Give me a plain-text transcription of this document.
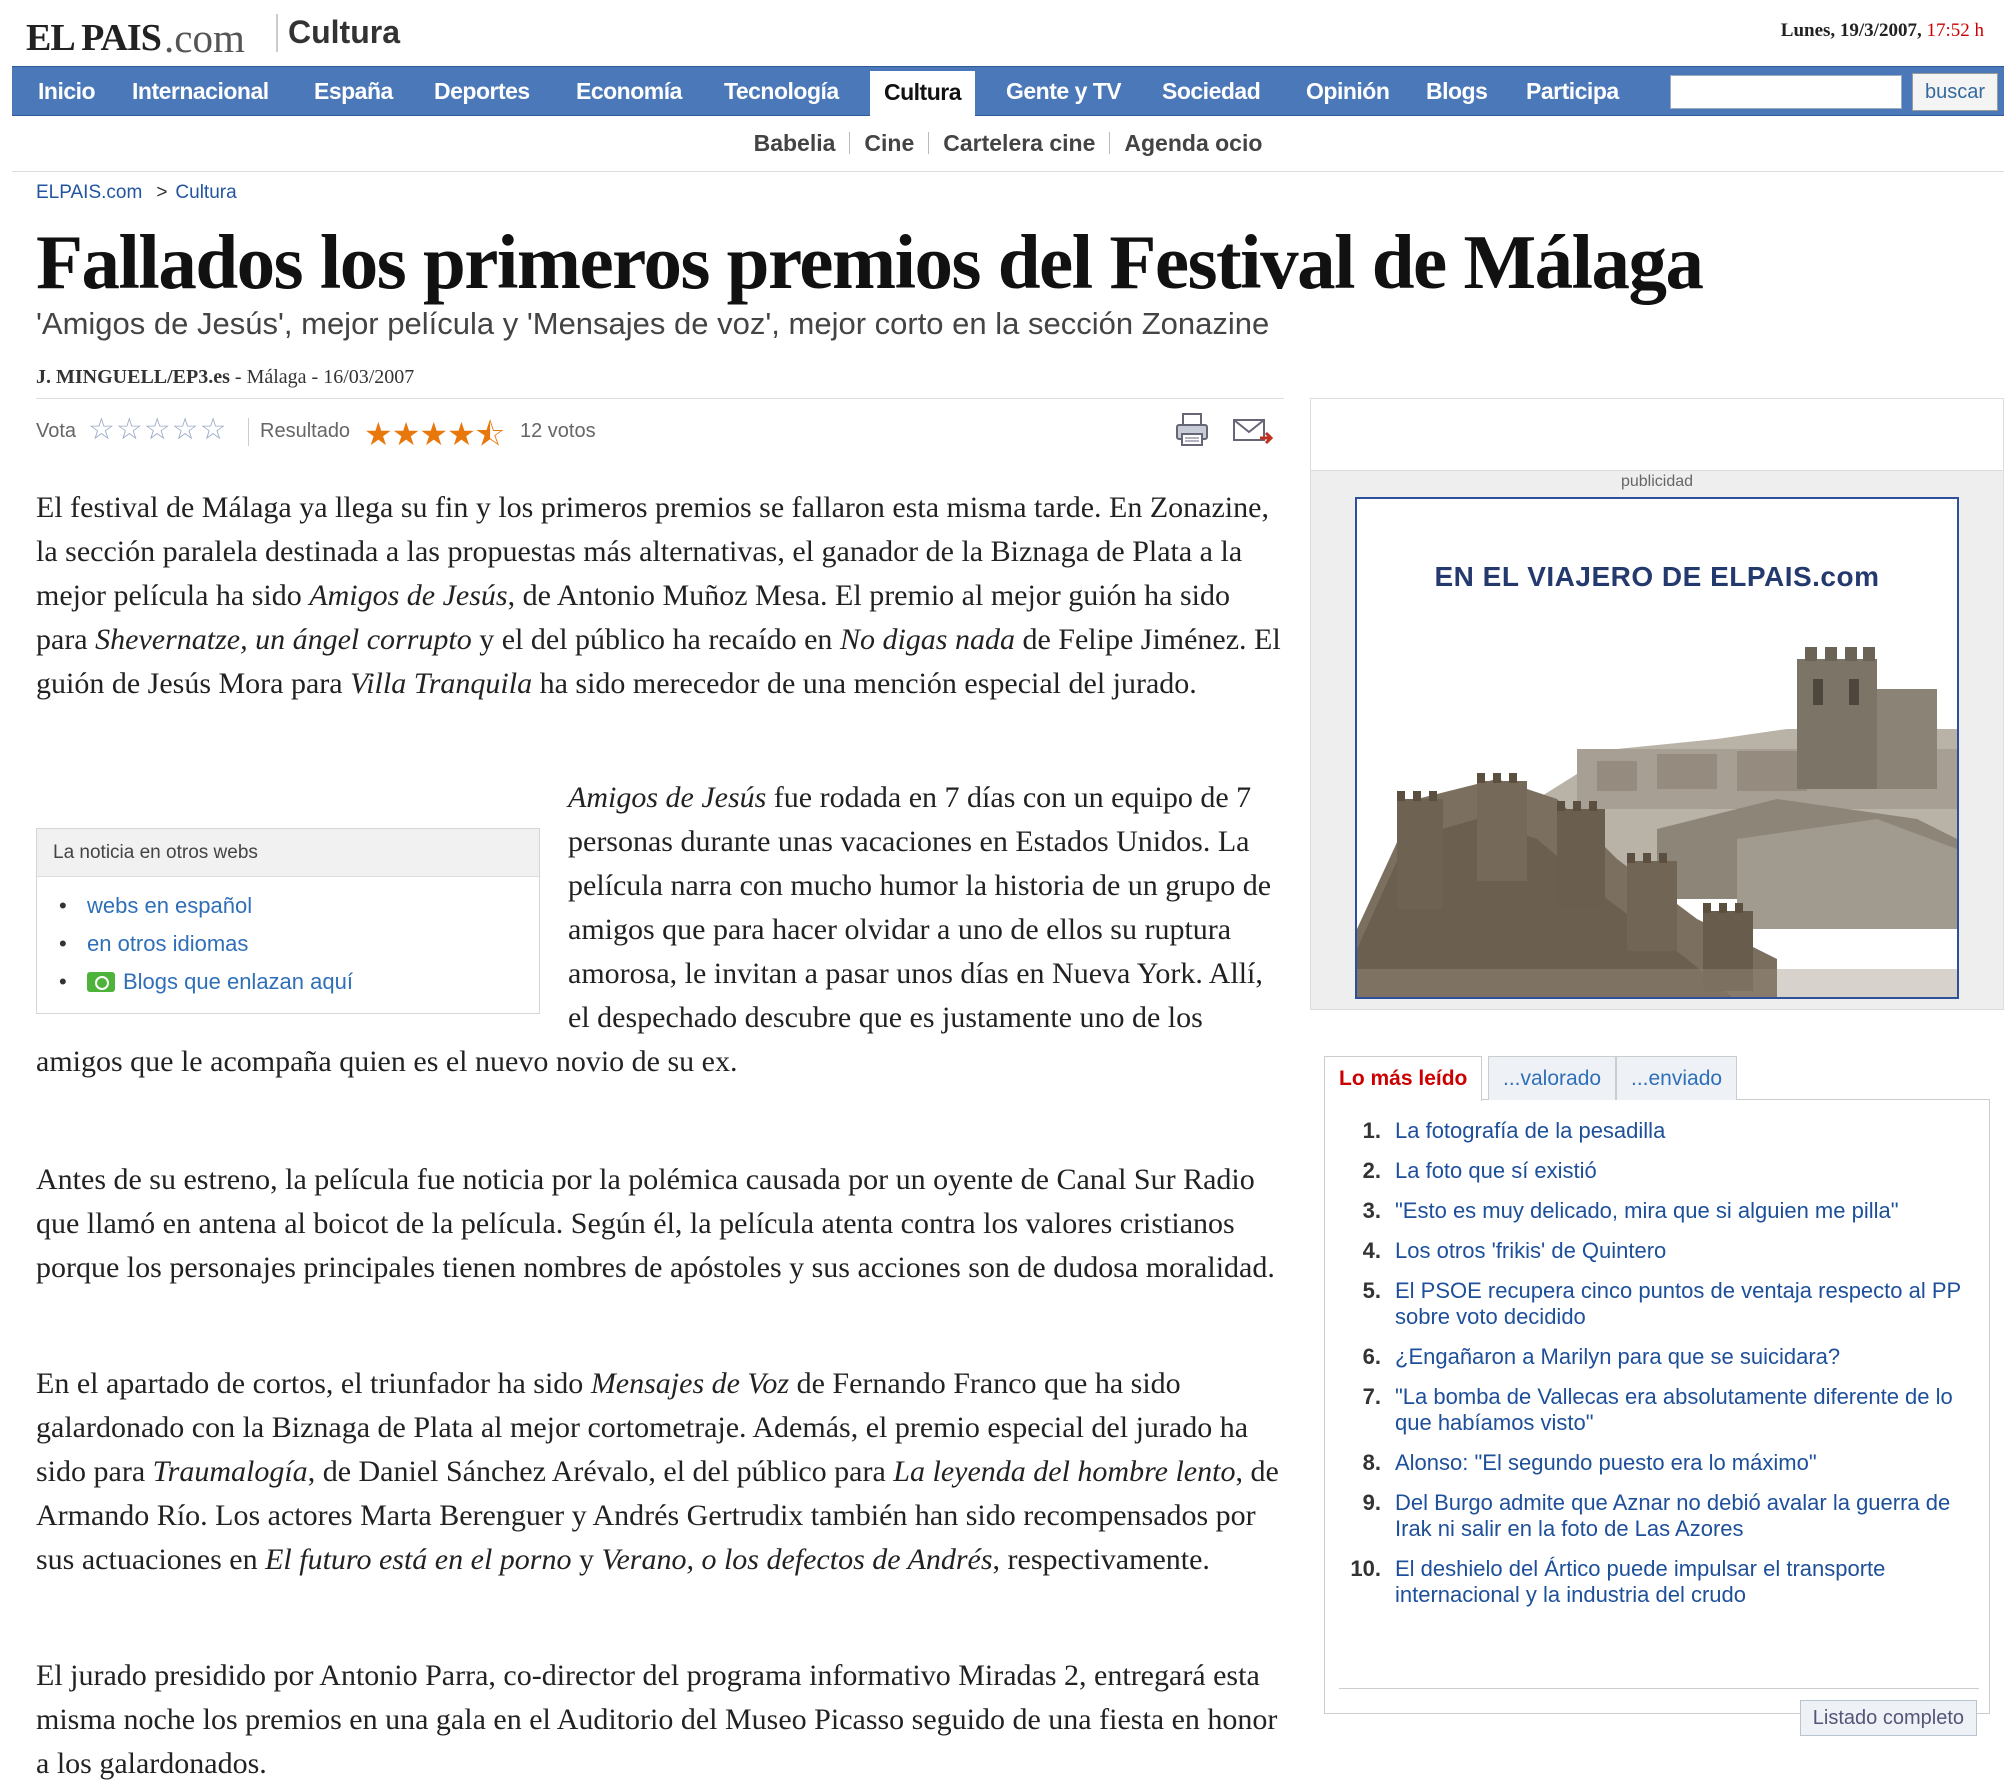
EL PAIS .com Cultura	Lunes, 19/3/2007, 17:52 h
Inicio Internacional España Deportes Economía Tecnología	Cultura	Gente y TV Sociedad Opinión Blogs Participa	buscar
Babelia Cine Cartelera cine Agenda ocio
ELPAIS.com > Cultura
Fallados los primeros premios del Festival de Málaga
'Amigos de Jesús', mejor película y 'Mensajes de voz', mejor corto en la sección Zonazine
J. MINGUELL/EP3.es - Málaga - 16/03/2007
Vota ☆☆☆☆☆ Resultado ★★★★⯪ 12 votos

El festival de Málaga ya llega su fin y los primeros premios se fallaron esta misma tarde. En Zonazine, la sección paralela destinada a las propuestas más alternativas, el ganador de la Biznaga de Plata a la mejor película ha sido Amigos de Jesús, de Antonio Muñoz Mesa. El premio al mejor guión ha sido para Shevernatze, un ángel corrupto y el del público ha recaído en No digas nada de Felipe Jiménez. El guión de Jesús Mora para Villa Tranquila ha sido merecedor de una mención especial del jurado.

La noticia en otros webs
• webs en español
• en otros idiomas
• Blogs que enlazan aquí
Amigos de Jesús fue rodada en 7 días con un equipo de 7 personas durante unas vacaciones en Estados Unidos. La película narra con mucho humor la historia de un grupo de amigos que para hacer olvidar a uno de ellos su ruptura amorosa, le invitan a pasar unos días en Nueva York. Allí, el despechado descubre que es justamente uno de los amigos que le acompaña quien es el nuevo novio de su ex.

Antes de su estreno, la película fue noticia por la polémica causada por un oyente de Canal Sur Radio que llamó en antena al boicot de la película. Según él, la película atenta contra los valores cristianos porque los personajes principales tienen nombres de apóstoles y sus acciones son de dudosa moralidad.

En el apartado de cortos, el triunfador ha sido Mensajes de Voz de Fernando Franco que ha sido galardonado con la Biznaga de Plata al mejor cortometraje. Además, el premio especial del jurado ha sido para Traumalogía, de Daniel Sánchez Arévalo, el del público para La leyenda del hombre lento, de Armando Río. Los actores Marta Berenguer y Andrés Gertrudix también han sido recompensados por sus actuaciones en El futuro está en el porno y Verano, o los defectos de Andrés, respectivamente.

El jurado presidido por Antonio Parra, co-director del programa informativo Miradas 2, entregará esta misma noche los premios en una gala en el Auditorio del Museo Picasso seguido de una fiesta en honor a los galardonados.

publicidad
EN EL VIAJERO DE ELPAIS.com
Lo más leído	...valorado	...enviado
1. La fotografía de la pesadilla
2. La foto que sí existió
3. "Esto es muy delicado, mira que si alguien me pilla"
4. Los otros 'frikis' de Quintero
5. El PSOE recupera cinco puntos de ventaja respecto al PP sobre voto decidido
6. ¿Engañaron a Marilyn para que se suicidara?
7. "La bomba de Vallecas era absolutamente diferente de lo que habíamos visto"
8. Alonso: "El segundo puesto era lo máximo"
9. Del Burgo admite que Aznar no debió avalar la guerra de Irak ni salir en la foto de Las Azores
10. El deshielo del Ártico puede impulsar el transporte internacional y la industria del crudo
Listado completo
